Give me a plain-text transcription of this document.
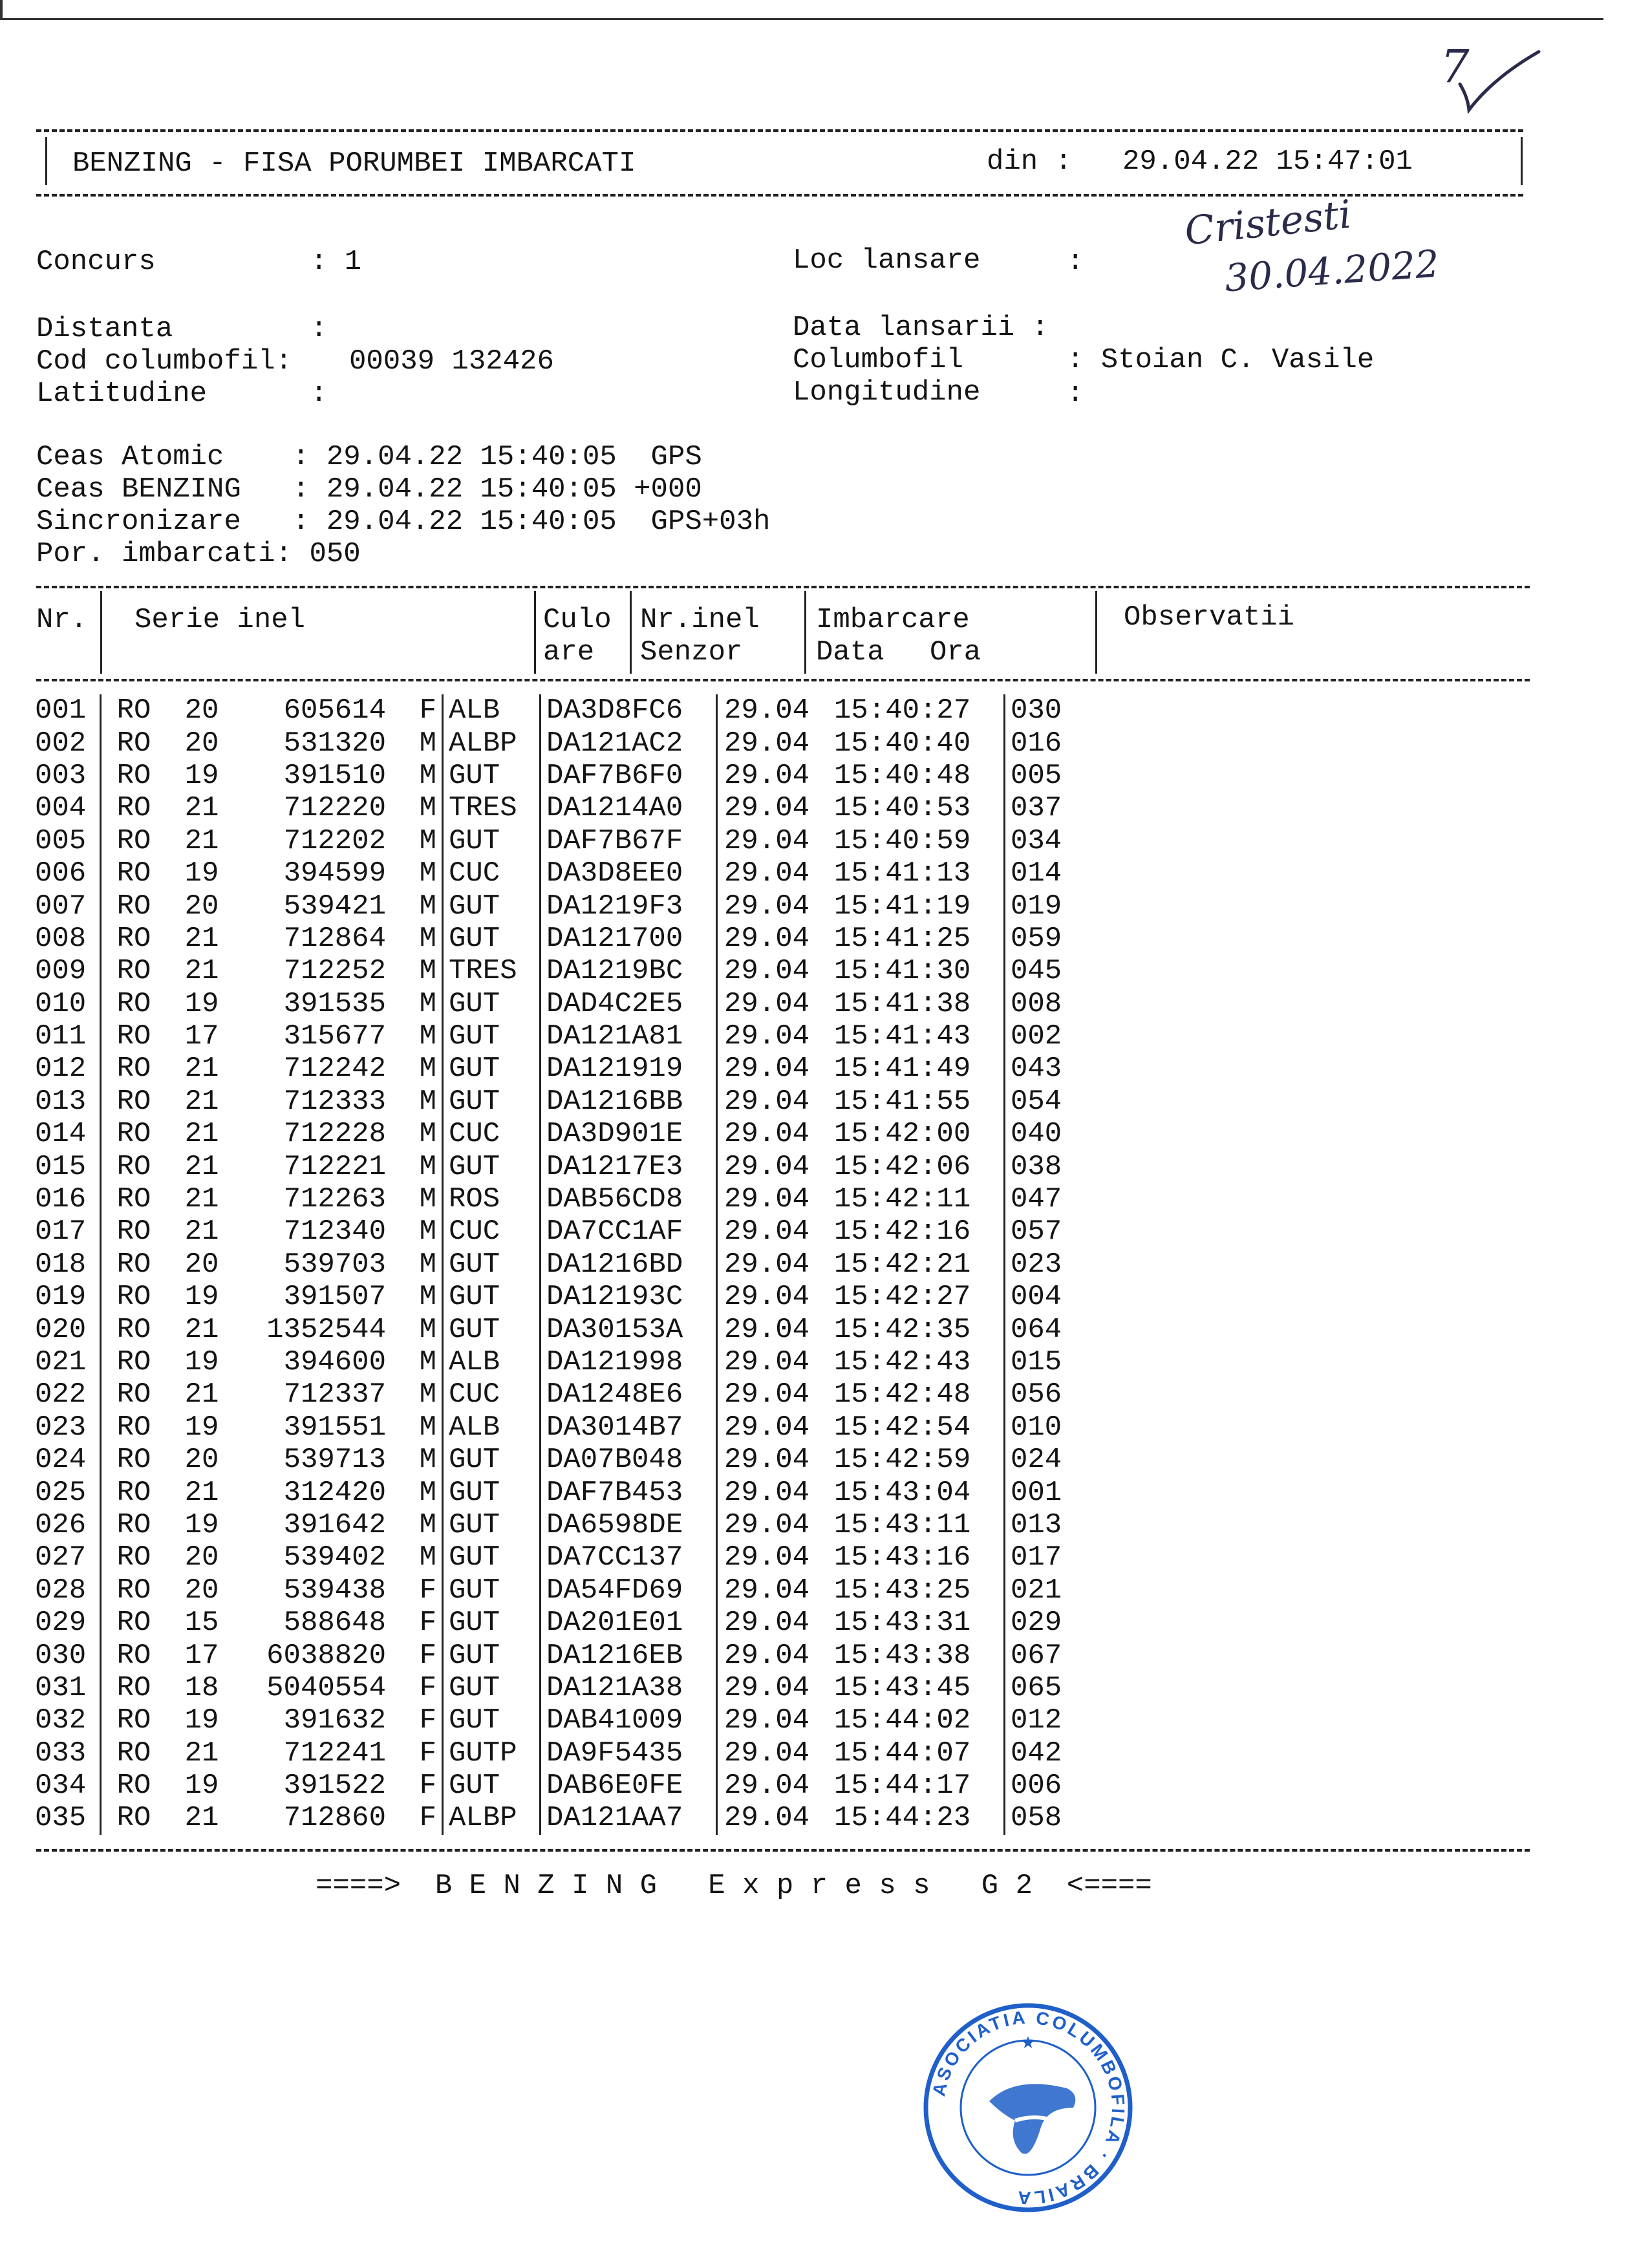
7
BENZING - FISA PORUMBEI IMBARCATI	din : 29.04.22 15:47:01
Concurs	: 1	Loc lansare	:
Cristesti
30.04.2022
Distanta	:	Data lansarii :
Cod columbofil: 00039 132426	Columbofil	: Stoian C. Vasile
Latitudine	:	Longitudine	:
Ceas Atomic    : 29.04.22 15:40:05  GPS
Ceas BENZING   : 29.04.22 15:40:05 +000
Sincronizare   : 29.04.22 15:40:05  GPS+03h
Por. imbarcati: 050
Nr. Serie inel	Culo
are
Nr.inel
Senzor
Imbarcare
Data Ora
Observatii
001	RO	20	605614	F	ALB	DA3D8FC6	29.04	15:40:27	030
002	RO	20	531320	M	ALBP	DA121AC2	29.04	15:40:40	016
003	RO	19	391510	M	GUT	DAF7B6F0	29.04	15:40:48	005
004	RO	21	712220	M	TRES	DA1214A0	29.04	15:40:53	037
005	RO	21	712202	M	GUT	DAF7B67F	29.04	15:40:59	034
006	RO	19	394599	M	CUC	DA3D8EE0	29.04	15:41:13	014
007	RO	20	539421	M	GUT	DA1219F3	29.04	15:41:19	019
008	RO	21	712864	M	GUT	DA121700	29.04	15:41:25	059
009	RO	21	712252	M	TRES	DA1219BC	29.04	15:41:30	045
010	RO	19	391535	M	GUT	DAD4C2E5	29.04	15:41:38	008
011	RO	17	315677	M	GUT	DA121A81	29.04	15:41:43	002
012	RO	21	712242	M	GUT	DA121919	29.04	15:41:49	043
013	RO	21	712333	M	GUT	DA1216BB	29.04	15:41:55	054
014	RO	21	712228	M	CUC	DA3D901E	29.04	15:42:00	040
015	RO	21	712221	M	GUT	DA1217E3	29.04	15:42:06	038
016	RO	21	712263	M	ROS	DAB56CD8	29.04	15:42:11	047
017	RO	21	712340	M	CUC	DA7CC1AF	29.04	15:42:16	057
018	RO	20	539703	M	GUT	DA1216BD	29.04	15:42:21	023
019	RO	19	391507	M	GUT	DA12193C	29.04	15:42:27	004
020	RO	21	1352544	M	GUT	DA30153A	29.04	15:42:35	064
021	RO	19	394600	M	ALB	DA121998	29.04	15:42:43	015
022	RO	21	712337	M	CUC	DA1248E6	29.04	15:42:48	056
023	RO	19	391551	M	ALB	DA3014B7	29.04	15:42:54	010
024	RO	20	539713	M	GUT	DA07B048	29.04	15:42:59	024
025	RO	21	312420	M	GUT	DAF7B453	29.04	15:43:04	001
026	RO	19	391642	M	GUT	DA6598DE	29.04	15:43:11	013
027	RO	20	539402	M	GUT	DA7CC137	29.04	15:43:16	017
028	RO	20	539438	F	GUT	DA54FD69	29.04	15:43:25	021
029	RO	15	588648	F	GUT	DA201E01	29.04	15:43:31	029
030	RO	17	6038820	F	GUT	DA1216EB	29.04	15:43:38	067
031	RO	18	5040554	F	GUT	DA121A38	29.04	15:43:45	065
032	RO	19	391632	F	GUT	DAB41009	29.04	15:44:02	012
033	RO	21	712241	F	GUTP	DA9F5435	29.04	15:44:07	042
034	RO	19	391522	F	GUT	DAB6E0FE	29.04	15:44:17	006
035	RO	21	712860	F	ALBP	DA121AA7	29.04	15:44:23	058
====>  B E N Z I N G   E x p r e s s   G 2  <====
ASOCIATIA COLUMBOFILA · BRAILA
★
